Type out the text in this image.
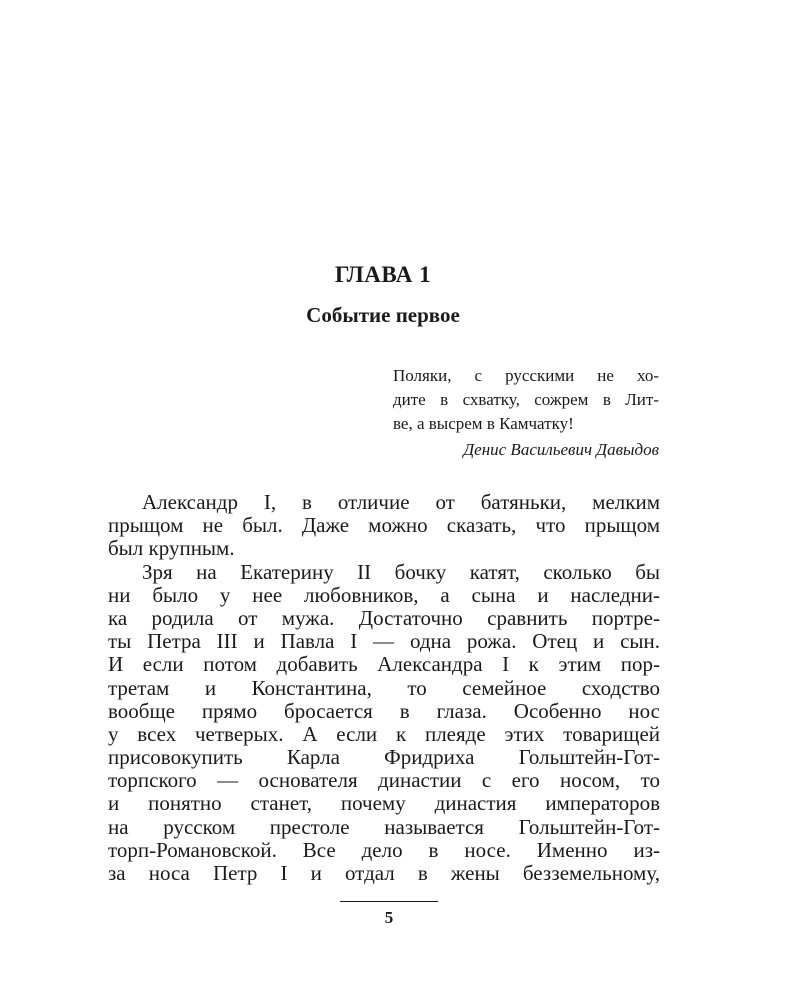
ГЛАВА 1
Событие первое
Поляки, с русскими не хо-
дите в схватку, сожрем в Лит-
ве, а высрем в Камчатку!
Денис Васильевич Давыдов
Александр I, в отличие от батяньки, мелким
прыщом не был. Даже можно сказать, что прыщом
был крупным.
Зря на Екатерину II бочку катят, сколько бы
ни было у нее любовников, а сына и наследни-
ка родила от мужа. Достаточно сравнить портре-
ты Петра III и Павла I — одна рожа. Отец и сын.
И если потом добавить Александра I к этим пор-
третам и Константина, то семейное сходство
вообще прямо бросается в глаза. Особенно нос
у всех четверых. А если к плеяде этих товарищей
присовокупить Карла Фридриха Гольштейн-Гот-
торпского — основателя династии с его носом, то
и понятно станет, почему династия императоров
на русском престоле называется Гольштейн-Гот-
торп-Романовской. Все дело в носе. Именно из-
за носа Петр I и отдал в жены безземельному,
5
